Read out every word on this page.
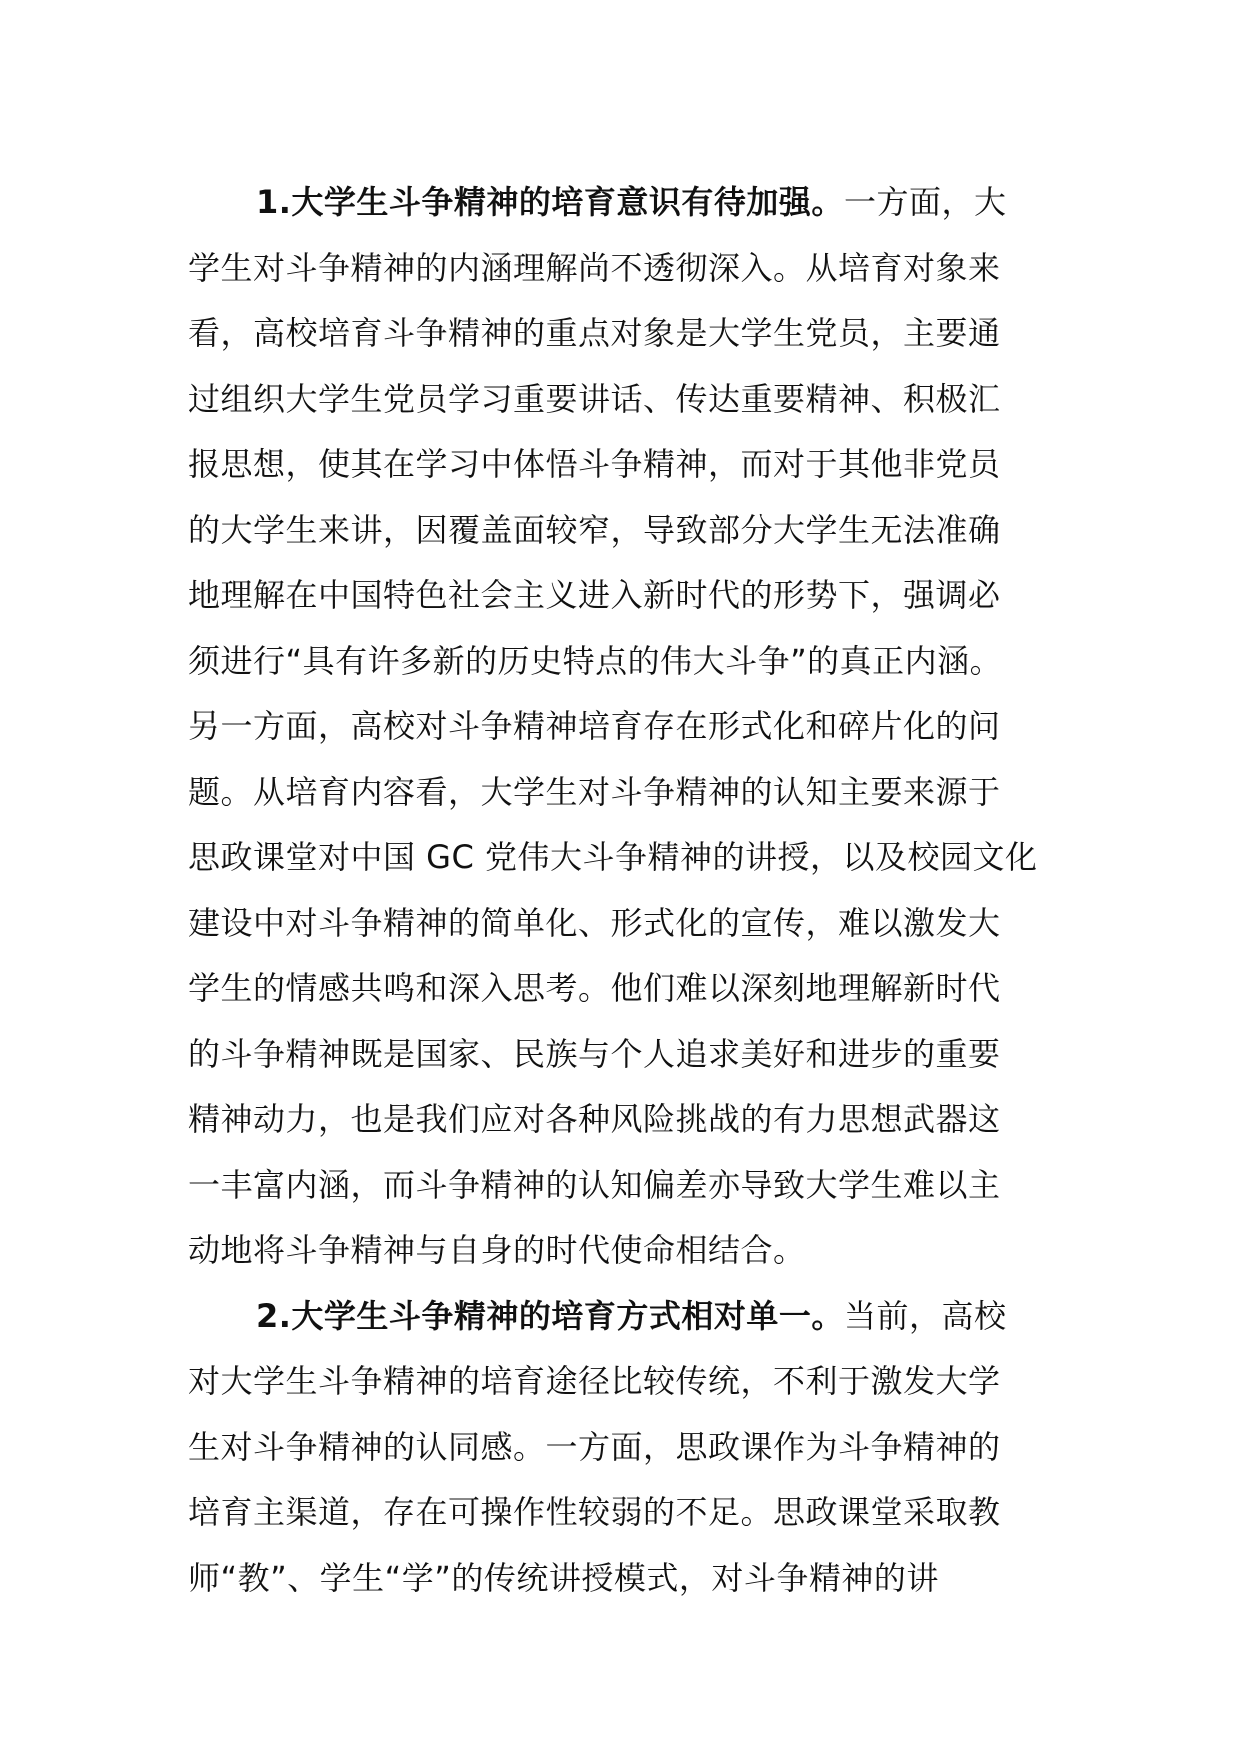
1.大学生斗争精神的培育意识有待加强。一方面，大
学生对斗争精神的内涵理解尚不透彻深入。从培育对象来
看，高校培育斗争精神的重点对象是大学生党员，主要通
过组织大学生党员学习重要讲话、传达重要精神、积极汇
报思想，使其在学习中体悟斗争精神，而对于其他非党员
的大学生来讲，因覆盖面较窄，导致部分大学生无法准确
地理解在中国特色社会主义进入新时代的形势下，强调必
须进行“具有许多新的历史特点的伟大斗争”的真正内涵。
另一方面，高校对斗争精神培育存在形式化和碎片化的问
题。从培育内容看，大学生对斗争精神的认知主要来源于
思政课堂对中国 GC 党伟大斗争精神的讲授，以及校园文化
建设中对斗争精神的简单化、形式化的宣传，难以激发大
学生的情感共鸣和深入思考。他们难以深刻地理解新时代
的斗争精神既是国家、民族与个人追求美好和进步的重要
精神动力，也是我们应对各种风险挑战的有力思想武器这
一丰富内涵，而斗争精神的认知偏差亦导致大学生难以主
动地将斗争精神与自身的时代使命相结合。
2.大学生斗争精神的培育方式相对单一。当前，高校
对大学生斗争精神的培育途径比较传统，不利于激发大学
生对斗争精神的认同感。一方面，思政课作为斗争精神的
培育主渠道，存在可操作性较弱的不足。思政课堂采取教
师“教”、学生“学”的传统讲授模式，对斗争精神的讲
